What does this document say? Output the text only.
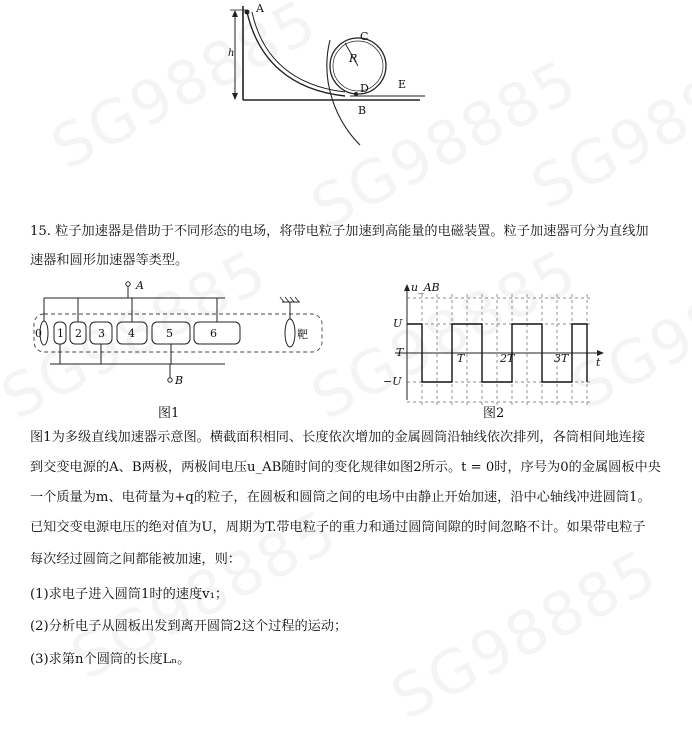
A
h
C
R
D	E
B
15. 粒子加速器是借助于不同形态的电场，将带电粒子加速到高能量的电磁装置。粒子加速器可分为直线加
速器和圆形加速器等类型。
A
B
靶
0 1 2 3 4	5	6
图1
u_AB
t
U
−U
T	T	2T	3T
图2
图1为多级直线加速器示意图。横截面积相同、长度依次增加的金属圆筒沿轴线依次排列，各筒相间地连接
到交变电源的A、B两极，两极间电压u_AB随时间的变化规律如图2所示。t = 0时，序号为0的金属圆板中央
一个质量为m、电荷量为+q的粒子，在圆板和圆筒之间的电场中由静止开始加速，沿中心轴线冲进圆筒1。
已知交变电源电压的绝对值为U，周期为T.带电粒子的重力和通过圆筒间隙的时间忽略不计。如果带电粒子
每次经过圆筒之间都能被加速，则：
(1)求电子进入圆筒1时的速度v₁；
(2)分析电子从圆板出发到离开圆筒2这个过程的运动；
(3)求第n个圆筒的长度Lₙ。
